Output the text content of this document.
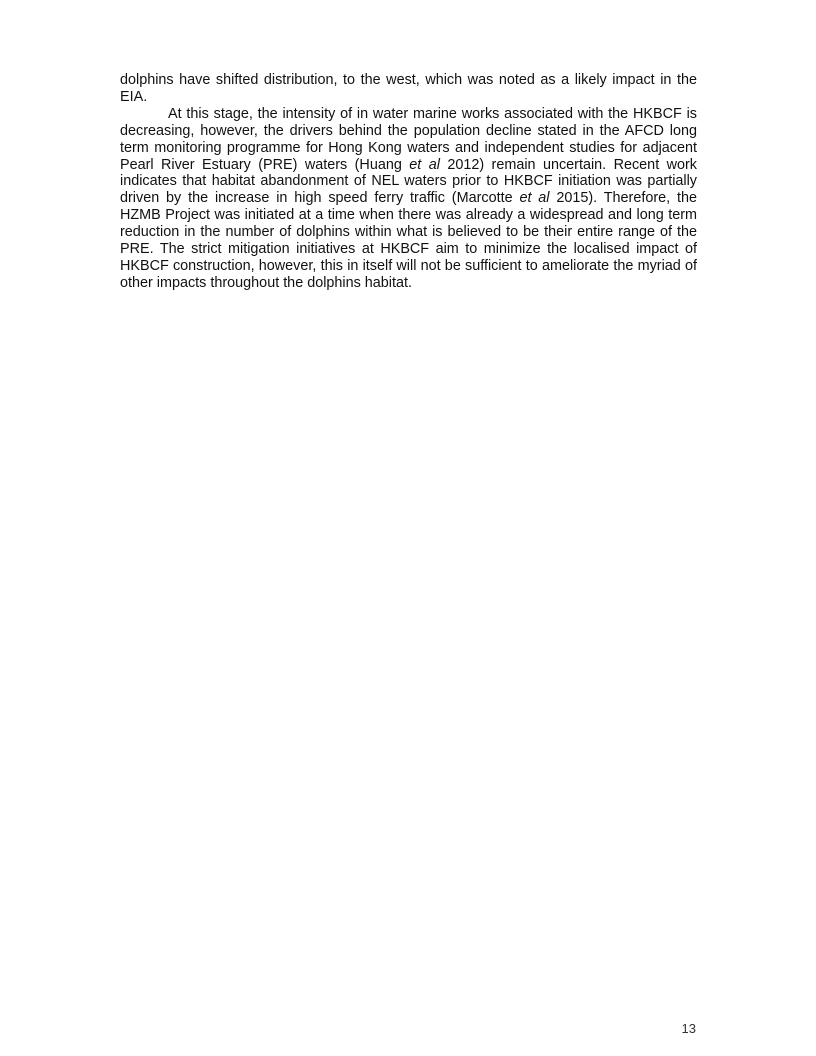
dolphins have shifted distribution, to the west, which was noted as a likely impact in the EIA.

At this stage, the intensity of in water marine works associated with the HKBCF is decreasing, however, the drivers behind the population decline stated in the AFCD long term monitoring programme for Hong Kong waters and independent studies for adjacent Pearl River Estuary (PRE) waters (Huang et al 2012) remain uncertain. Recent work indicates that habitat abandonment of NEL waters prior to HKBCF initiation was partially driven by the increase in high speed ferry traffic (Marcotte et al 2015). Therefore, the HZMB Project was initiated at a time when there was already a widespread and long term reduction in the number of dolphins within what is believed to be their entire range of the PRE. The strict mitigation initiatives at HKBCF aim to minimize the localised impact of HKBCF construction, however, this in itself will not be sufficient to ameliorate the myriad of other impacts throughout the dolphins habitat.

13
